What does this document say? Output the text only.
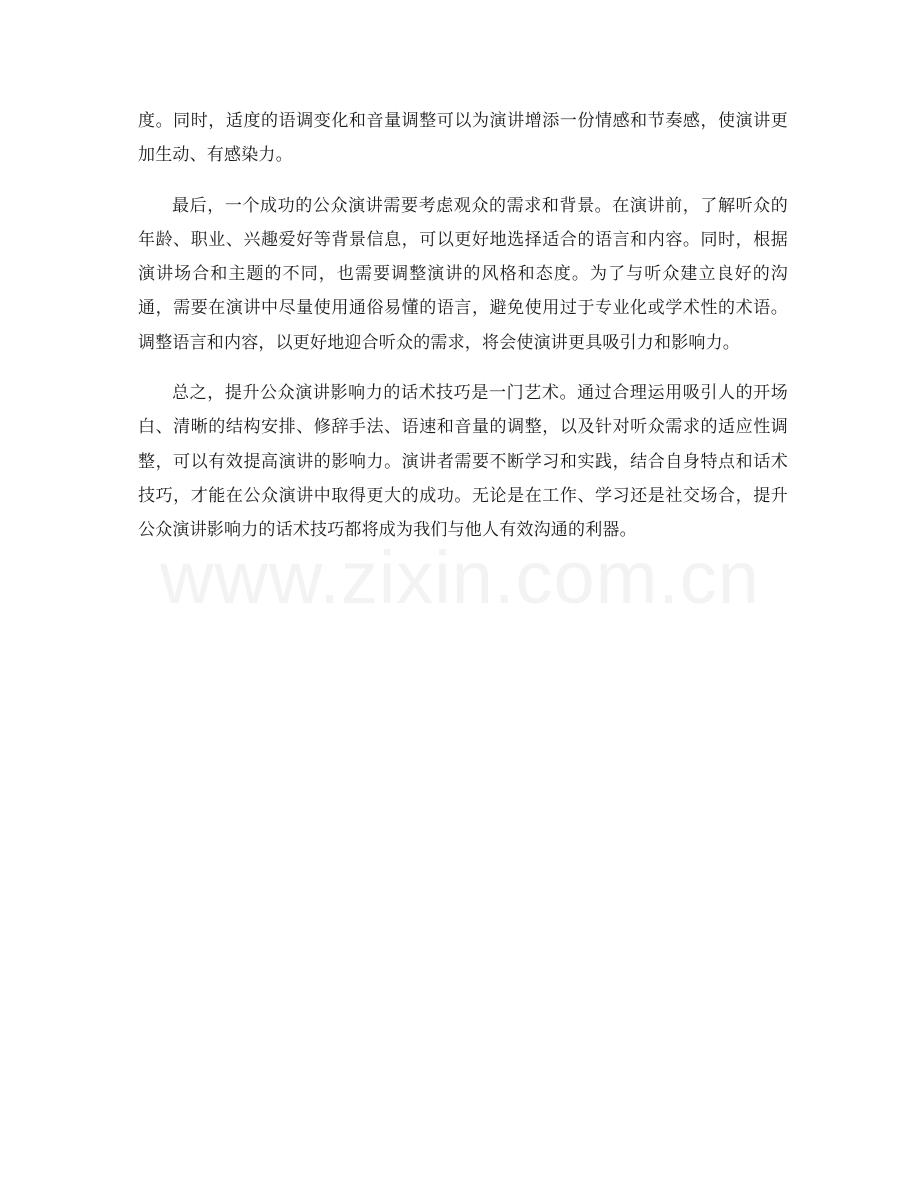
度。同时，适度的语调变化和音量调整可以为演讲增添一份情感和节奏感，使演讲更加生动、有感染力。

最后，一个成功的公众演讲需要考虑观众的需求和背景。在演讲前，了解听众的年龄、职业、兴趣爱好等背景信息，可以更好地选择适合的语言和内容。同时，根据演讲场合和主题的不同，也需要调整演讲的风格和态度。为了与听众建立良好的沟通，需要在演讲中尽量使用通俗易懂的语言，避免使用过于专业化或学术性的术语。调整语言和内容，以更好地迎合听众的需求，将会使演讲更具吸引力和影响力。

总之，提升公众演讲影响力的话术技巧是一门艺术。通过合理运用吸引人的开场白、清晰的结构安排、修辞手法、语速和音量的调整，以及针对听众需求的适应性调整，可以有效提高演讲的影响力。演讲者需要不断学习和实践，结合自身特点和话术技巧，才能在公众演讲中取得更大的成功。无论是在工作、学习还是社交场合，提升公众演讲影响力的话术技巧都将成为我们与他人有效沟通的利器。

www.zixin.com.cn
